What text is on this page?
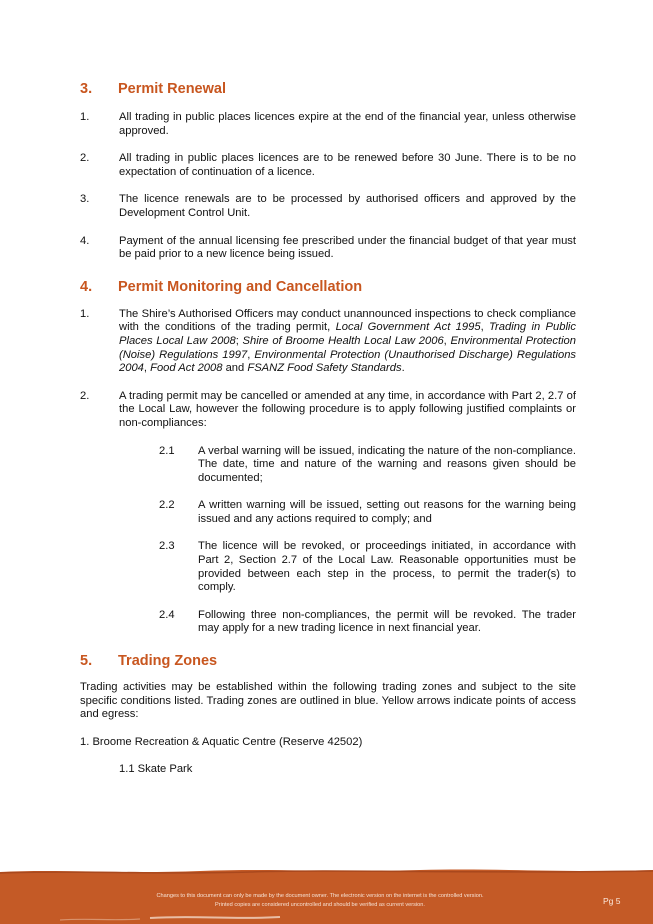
3.	Permit Renewal
1.	All trading in public places licences expire at the end of the financial year, unless otherwise approved.
2.	All trading in public places licences are to be renewed before 30 June. There is to be no expectation of continuation of a licence.
3.	The licence renewals are to be processed by authorised officers and approved by the Development Control Unit.
4.	Payment of the annual licensing fee prescribed under the financial budget of that year must be paid prior to a new licence being issued.
4.	Permit Monitoring and Cancellation
1.	The Shire’s Authorised Officers may conduct unannounced inspections to check compliance with the conditions of the trading permit, Local Government Act 1995, Trading in Public Places Local Law 2008; Shire of Broome Health Local Law 2006, Environmental Protection (Noise) Regulations 1997, Environmental Protection (Unauthorised Discharge) Regulations 2004, Food Act 2008 and FSANZ Food Safety Standards.
2.	A trading permit may be cancelled or amended at any time, in accordance with Part 2, 2.7 of the Local Law, however the following procedure is to apply following justified complaints or non-compliances:
2.1	A verbal warning will be issued, indicating the nature of the non-compliance. The date, time and nature of the warning and reasons given should be documented;
2.2	A written warning will be issued, setting out reasons for the warning being issued and any actions required to comply; and
2.3	The licence will be revoked, or proceedings initiated, in accordance with Part 2, Section 2.7 of the Local Law. Reasonable opportunities must be provided between each step in the process, to permit the trader(s) to comply.
2.4	Following three non-compliances, the permit will be revoked. The trader may apply for a new trading licence in next financial year.
5.	Trading Zones

Trading activities may be established within the following trading zones and subject to the site specific conditions listed. Trading zones are outlined in blue. Yellow arrows indicate points of access and egress:

1. Broome Recreation & Aquatic Centre (Reserve 42502)
1.1 Skate Park
Changes to this document can only be made by the document owner. The electronic version on the internet is the controlled version.
Printed copies are considered uncontrolled and should be verified as current version.	Pg 5
